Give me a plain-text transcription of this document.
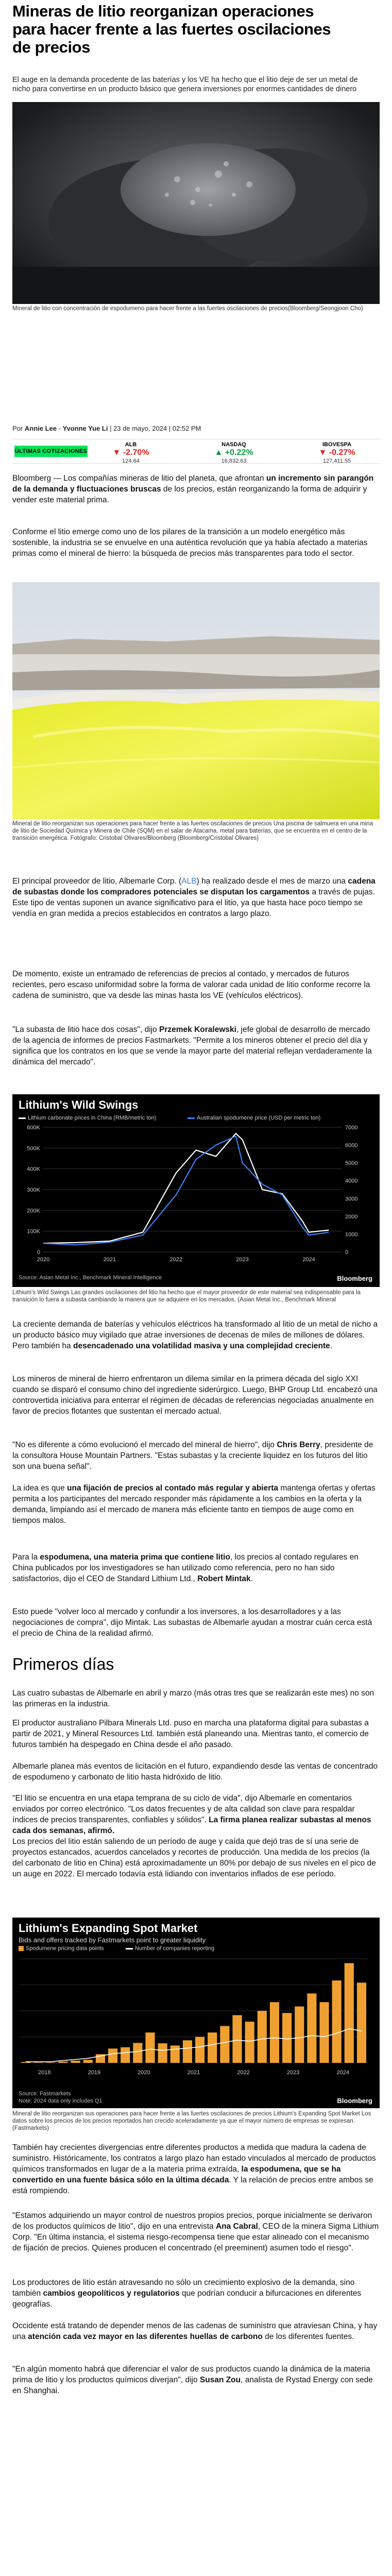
Mineras de litio reorganizan operaciones para hacer frente a las fuertes oscilaciones de precios

El auge en la demanda procedente de las baterías y los VE ha hecho que el litio deje de ser un metal de nicho para convertirse en un producto básico que genera inversiones por enormes cantidades de dinero

Mineral de litio con concentración de espodumeno para hacer frente a las fuertes oscilaciones de precios(Bloomberg/Seongjoon Cho)

Por Annie Lee - Yvonne Yue Li | 23 de mayo, 2024 | 02:52 PM
ÚLTIMAS COTIZACIONES
ALB
▼ -2.70%
124.64
NASDAQ
▲ +0.22%
16,832.63
IBOVESPA
▼ -0.27%
127,411.55

Bloomberg — Los compañías mineras de litio del planeta, que afrontan un incremento sin parangón de la demanda y fluctuaciones bruscas de los precios, están reorganizando la forma de adquirir y vender este material prima.

Conforme el litio emerge como uno de los pilares de la transición a un modelo energético más sostenible, la industria se se envuelve en una auténtica revolución que ya había afectado a materias primas como el mineral de hierro: la búsqueda de precios más transparentes para todo el sector.

Mineral de litio reorganizan sus operaciones para hacer frente a las fuertes oscilaciones de precios Una piscina de salmuera en una mina de litio de Sociedad Química y Minera de Chile (SQM) en el salar de Atacama, metal para baterías, que se encuentra en el centro de la transición energética. Fotógrafo: Cristobal Olivares/Bloomberg (Bloomberg/Cristobal Olivares)

El principal proveedor de litio, Albemarle Corp. (ALB) ha realizado desde el mes de marzo una cadena de subastas donde los compradores potenciales se disputan los cargamentos a través de pujas. Este tipo de ventas suponen un avance significativo para el litio, ya que hasta hace poco tiempo se vendía en gran medida a precios establecidos en contratos a largo plazo.

De momento, existe un entramado de referencias de precios al contado, y mercados de futuros recientes, pero escaso uniformidad sobre la forma de valorar cada unidad de litio conforme recorre la cadena de suministro, que va desde las minas hasta los VE (vehículos eléctricos).

"La subasta de litio hace dos cosas", dijo Przemek Koralewski, jefe global de desarrollo de mercado de la agencia de informes de precios Fastmarkets. "Permite a los mineros obtener el precio del día y significa que los contratos en los que se vende la mayor parte del material reflejan verdaderamente la dinámica del mercado".

Lithium's Wild Swings
Lithium carbonate prices in China (RMB/metric ton)	Australian spodumene price (USD per metric ton)
0
100K
200K
300K
400K
500K
600K
0
1000
2000
3000
4000
5000
6000
7000
2020	2021	2022	2023	2024
Source: Asian Metal Inc., Benchmark Mineral Intelligence	Bloomberg

Lithium's Wild Swings Las grandes oscilaciones del litio ha hecho que el mayor proveedor de este material sea indispensable para la transición lo fuera a subasta cambiando la manera que se adquiere en los mercados. (Asian Metal Inc., Benchmark Mineral

La creciente demanda de baterías y vehículos eléctricos ha transformado al litio de un metal de nicho a un producto básico muy vigilado que atrae inversiones de decenas de miles de millones de dólares. Pero también ha desencadenado una volatilidad masiva y una complejidad creciente.

Los mineros de mineral de hierro enfrentaron un dilema similar en la primera década del siglo XXI cuando se disparó el consumo chino del ingrediente siderúrgico. Luego, BHP Group Ltd. encabezó una controvertida iniciativa para enterrar el régimen de décadas de referencias negociadas anualmente en favor de precios flotantes que sustentan el mercado actual.

"No es diferente a cómo evolucionó el mercado del mineral de hierro", dijo Chris Berry, presidente de la consultora House Mountain Partners. "Estas subastas y la creciente liquidez en los futuros del litio son una buena señal".

La idea es que una fijación de precios al contado más regular y abierta mantenga ofertas y ofertas permita a los participantes del mercado responder más rápidamente a los cambios en la oferta y la demanda, limpiando así el mercado de manera más eficiente tanto en tiempos de auge como en tiempos malos.

Para la espodumena, una materia prima que contiene litio, los precios al contado regulares en China publicados por los investigadores se han utilizado como referencia, pero no han sido satisfactorios, dijo el CEO de Standard Lithium Ltd., Robert Mintak.

Esto puede "volver loco al mercado y confundir a los inversores, a los desarrolladores y a las negociaciones de compra", dijo Mintak. Las subastas de Albemarle ayudan a mostrar cuán cerca está el precio de China de la realidad afirmó.

Primeros días

Las cuatro subastas de Albemarle en abril y marzo (más otras tres que se realizarán este mes) no son las primeras en la industria.

El productor australiano Pilbara Minerals Ltd. puso en marcha una plataforma digital para subastas a partir de 2021, y Mineral Resources Ltd. también está planeando una. Mientras tanto, el comercio de futuros también ha despegado en China desde el año pasado.

Albemarle planea más eventos de licitación en el futuro, expandiendo desde las ventas de concentrado de espodumeno y carbonato de litio hasta hidróxido de litio.

"El litio se encuentra en una etapa temprana de su ciclo de vida", dijo Albemarle en comentarios enviados por correo electrónico. "Los datos frecuentes y de alta calidad son clave para respaldar índices de precios transparentes, confiables y sólidos". La firma planea realizar subastas al menos cada dos semanas, afirmó.

Los precios del litio están saliendo de un período de auge y caída que dejó tras de sí una serie de proyectos estancados, acuerdos cancelados y recortes de producción. Una medida de los precios (la del carbonato de litio en China) está aproximadamente un 80% por debajo de sus niveles en el pico de un auge en 2022. El mercado todavía está lidiando con inventarios inflados de ese período.

Lithium's Expanding Spot Market
Bids and offers tracked by Fastmarkets point to greater liquidity
Spodumene pricing data points	Number of companies reporting
2018	2019	2020	2021	2022	2023	2024
Source: Fastmarkets
Note: 2024 data only includes Q1	Bloomberg

Mineral de litio reorganizan sus operaciones para hacer frente a las fuertes oscilaciones de precios Lithium's Expanding Spot Market Los datos sobre los precios de los precios reportados han crecido aceleradamente ya que el mayor número de empresas se expresan. (Fastmarkets)

También hay crecientes divergencias entre diferentes productos a medida que madura la cadena de suministro. Históricamente, los contratos a largo plazo han estado vinculados al mercado de productos químicos transformados en lugar de a la materia prima extraída, la espodumena, que se ha convertido en una fuente básica sólo en la última década. Y la relación de precios entre ambos se está rompiendo.

"Estamos adquiriendo un mayor control de nuestros propios precios, porque inicialmente se derivaron de los productos químicos de litio", dijo en una entrevista Ana Cabral, CEO de la minera Sigma Lithium Corp. "En última instancia, el sistema riesgo-recompensa tiene que estar alineado con el mecanismo de fijación de precios. Quienes producen el concentrado (el preeminent) asumen todo el riesgo".

Los productores de litio están atravesando no sólo un crecimiento explosivo de la demanda, sino también cambios geopolíticos y regulatorios que podrían conducir a bifurcaciones en diferentes geografías.

Occidente está tratando de depender menos de las cadenas de suministro que atraviesan China, y hay una atención cada vez mayor en las diferentes huellas de carbono de los diferentes fuentes.

"En algún momento habrá que diferenciar el valor de sus productos cuando la dinámica de la materia prima de litio y los productos químicos diverjan", dijo Susan Zou, analista de Rystad Energy con sede en Shanghai.
